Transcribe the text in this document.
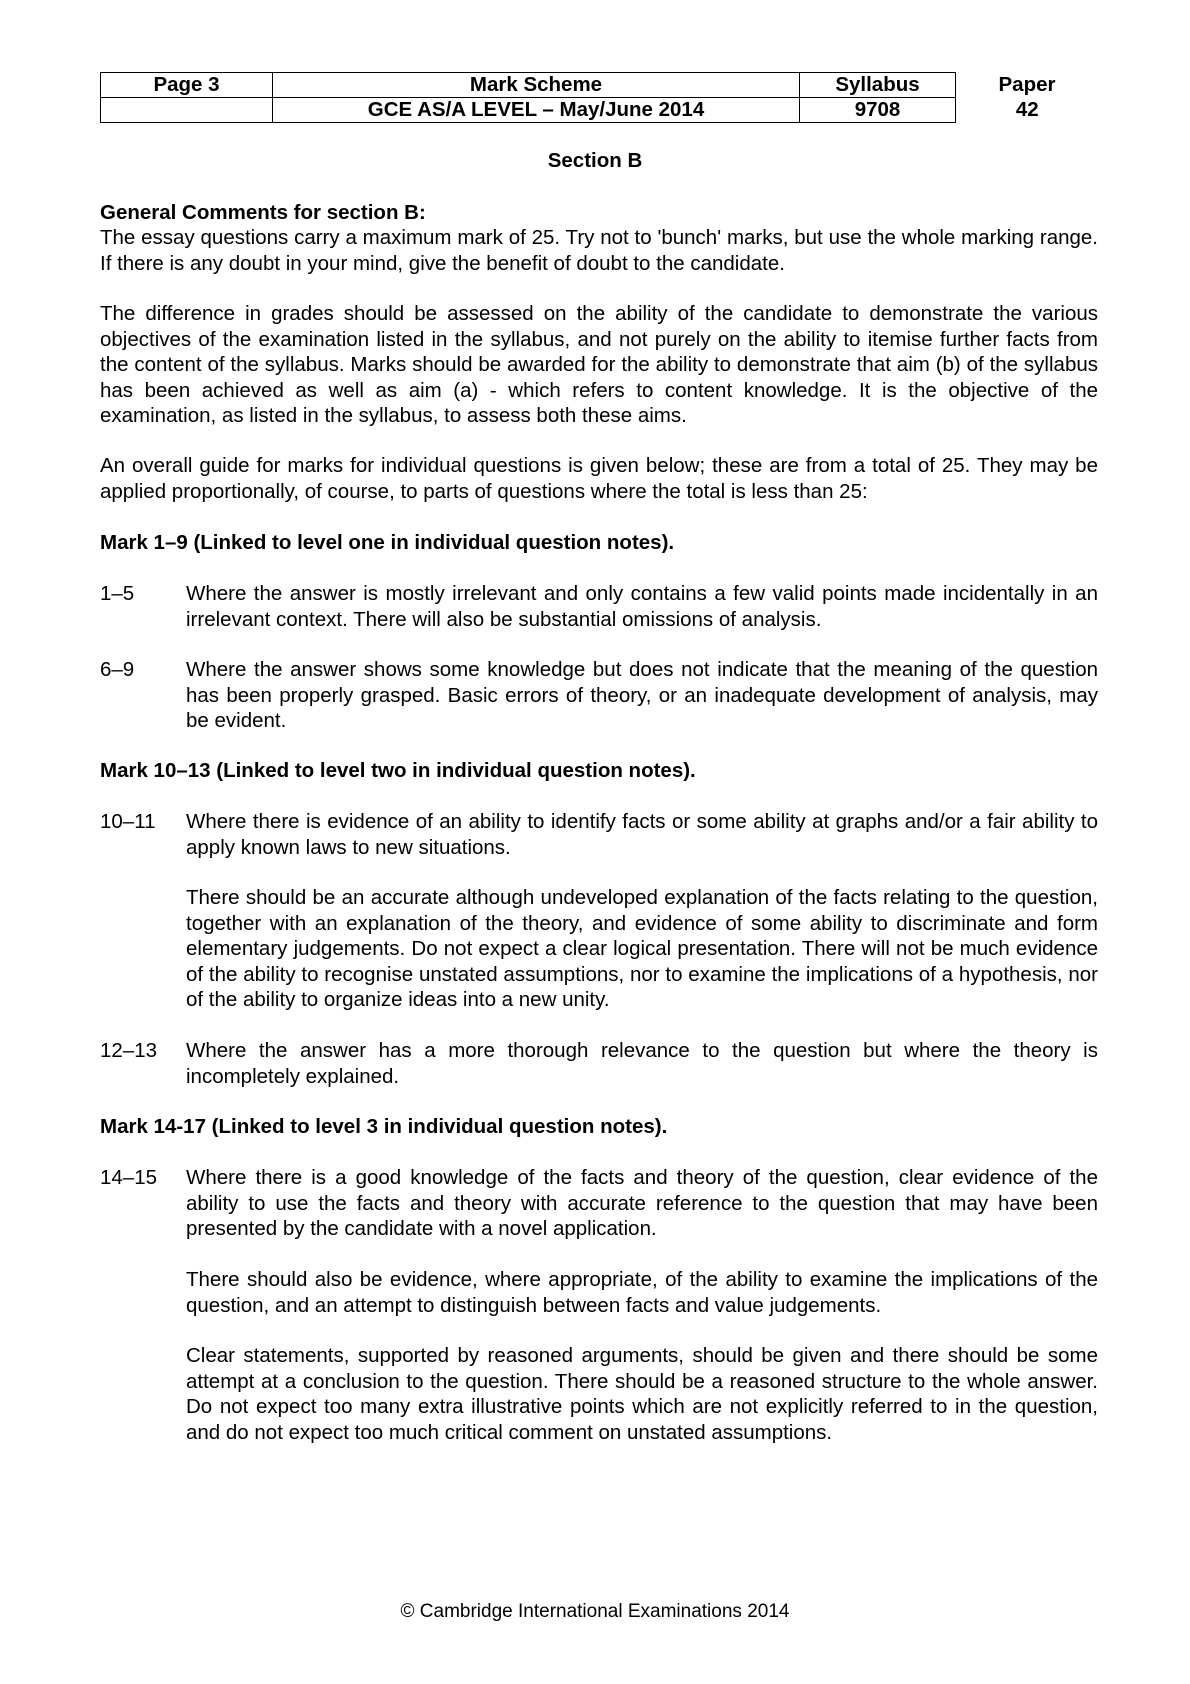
Page 3	Mark Scheme	Syllabus	Paper
	GCE AS/A LEVEL – May/June 2014	9708	42
Section B
General Comments for section B:
The essay questions carry a maximum mark of 25. Try not to 'bunch' marks, but use the whole marking range. If there is any doubt in your mind, give the benefit of doubt to the candidate.
The difference in grades should be assessed on the ability of the candidate to demonstrate the various objectives of the examination listed in the syllabus, and not purely on the ability to itemise further facts from the content of the syllabus. Marks should be awarded for the ability to demonstrate that aim (b) of the syllabus has been achieved as well as aim (a) - which refers to content knowledge. It is the objective of the examination, as listed in the syllabus, to assess both these aims.
An overall guide for marks for individual questions is given below; these are from a total of 25. They may be applied proportionally, of course, to parts of questions where the total is less than 25:
Mark 1–9 (Linked to level one in individual question notes).
1–5	Where the answer is mostly irrelevant and only contains a few valid points made incidentally in an irrelevant context. There will also be substantial omissions of analysis.
6–9	Where the answer shows some knowledge but does not indicate that the meaning of the question has been properly grasped. Basic errors of theory, or an inadequate development of analysis, may be evident.
Mark 10–13 (Linked to level two in individual question notes).
10–11 Where there is evidence of an ability to identify facts or some ability at graphs and/or a fair ability to apply known laws to new situations.
There should be an accurate although undeveloped explanation of the facts relating to the question, together with an explanation of the theory, and evidence of some ability to discriminate and form elementary judgements. Do not expect a clear logical presentation. There will not be much evidence of the ability to recognise unstated assumptions, nor to examine the implications of a hypothesis, nor of the ability to organize ideas into a new unity.
12–13 Where the answer has a more thorough relevance to the question but where the theory is incompletely explained.
Mark 14-17 (Linked to level 3 in individual question notes).
14–15 Where there is a good knowledge of the facts and theory of the question, clear evidence of the ability to use the facts and theory with accurate reference to the question that may have been presented by the candidate with a novel application.
There should also be evidence, where appropriate, of the ability to examine the implications of the question, and an attempt to distinguish between facts and value judgements.
Clear statements, supported by reasoned arguments, should be given and there should be some attempt at a conclusion to the question. There should be a reasoned structure to the whole answer. Do not expect too many extra illustrative points which are not explicitly referred to in the question, and do not expect too much critical comment on unstated assumptions.
© Cambridge International Examinations 2014
